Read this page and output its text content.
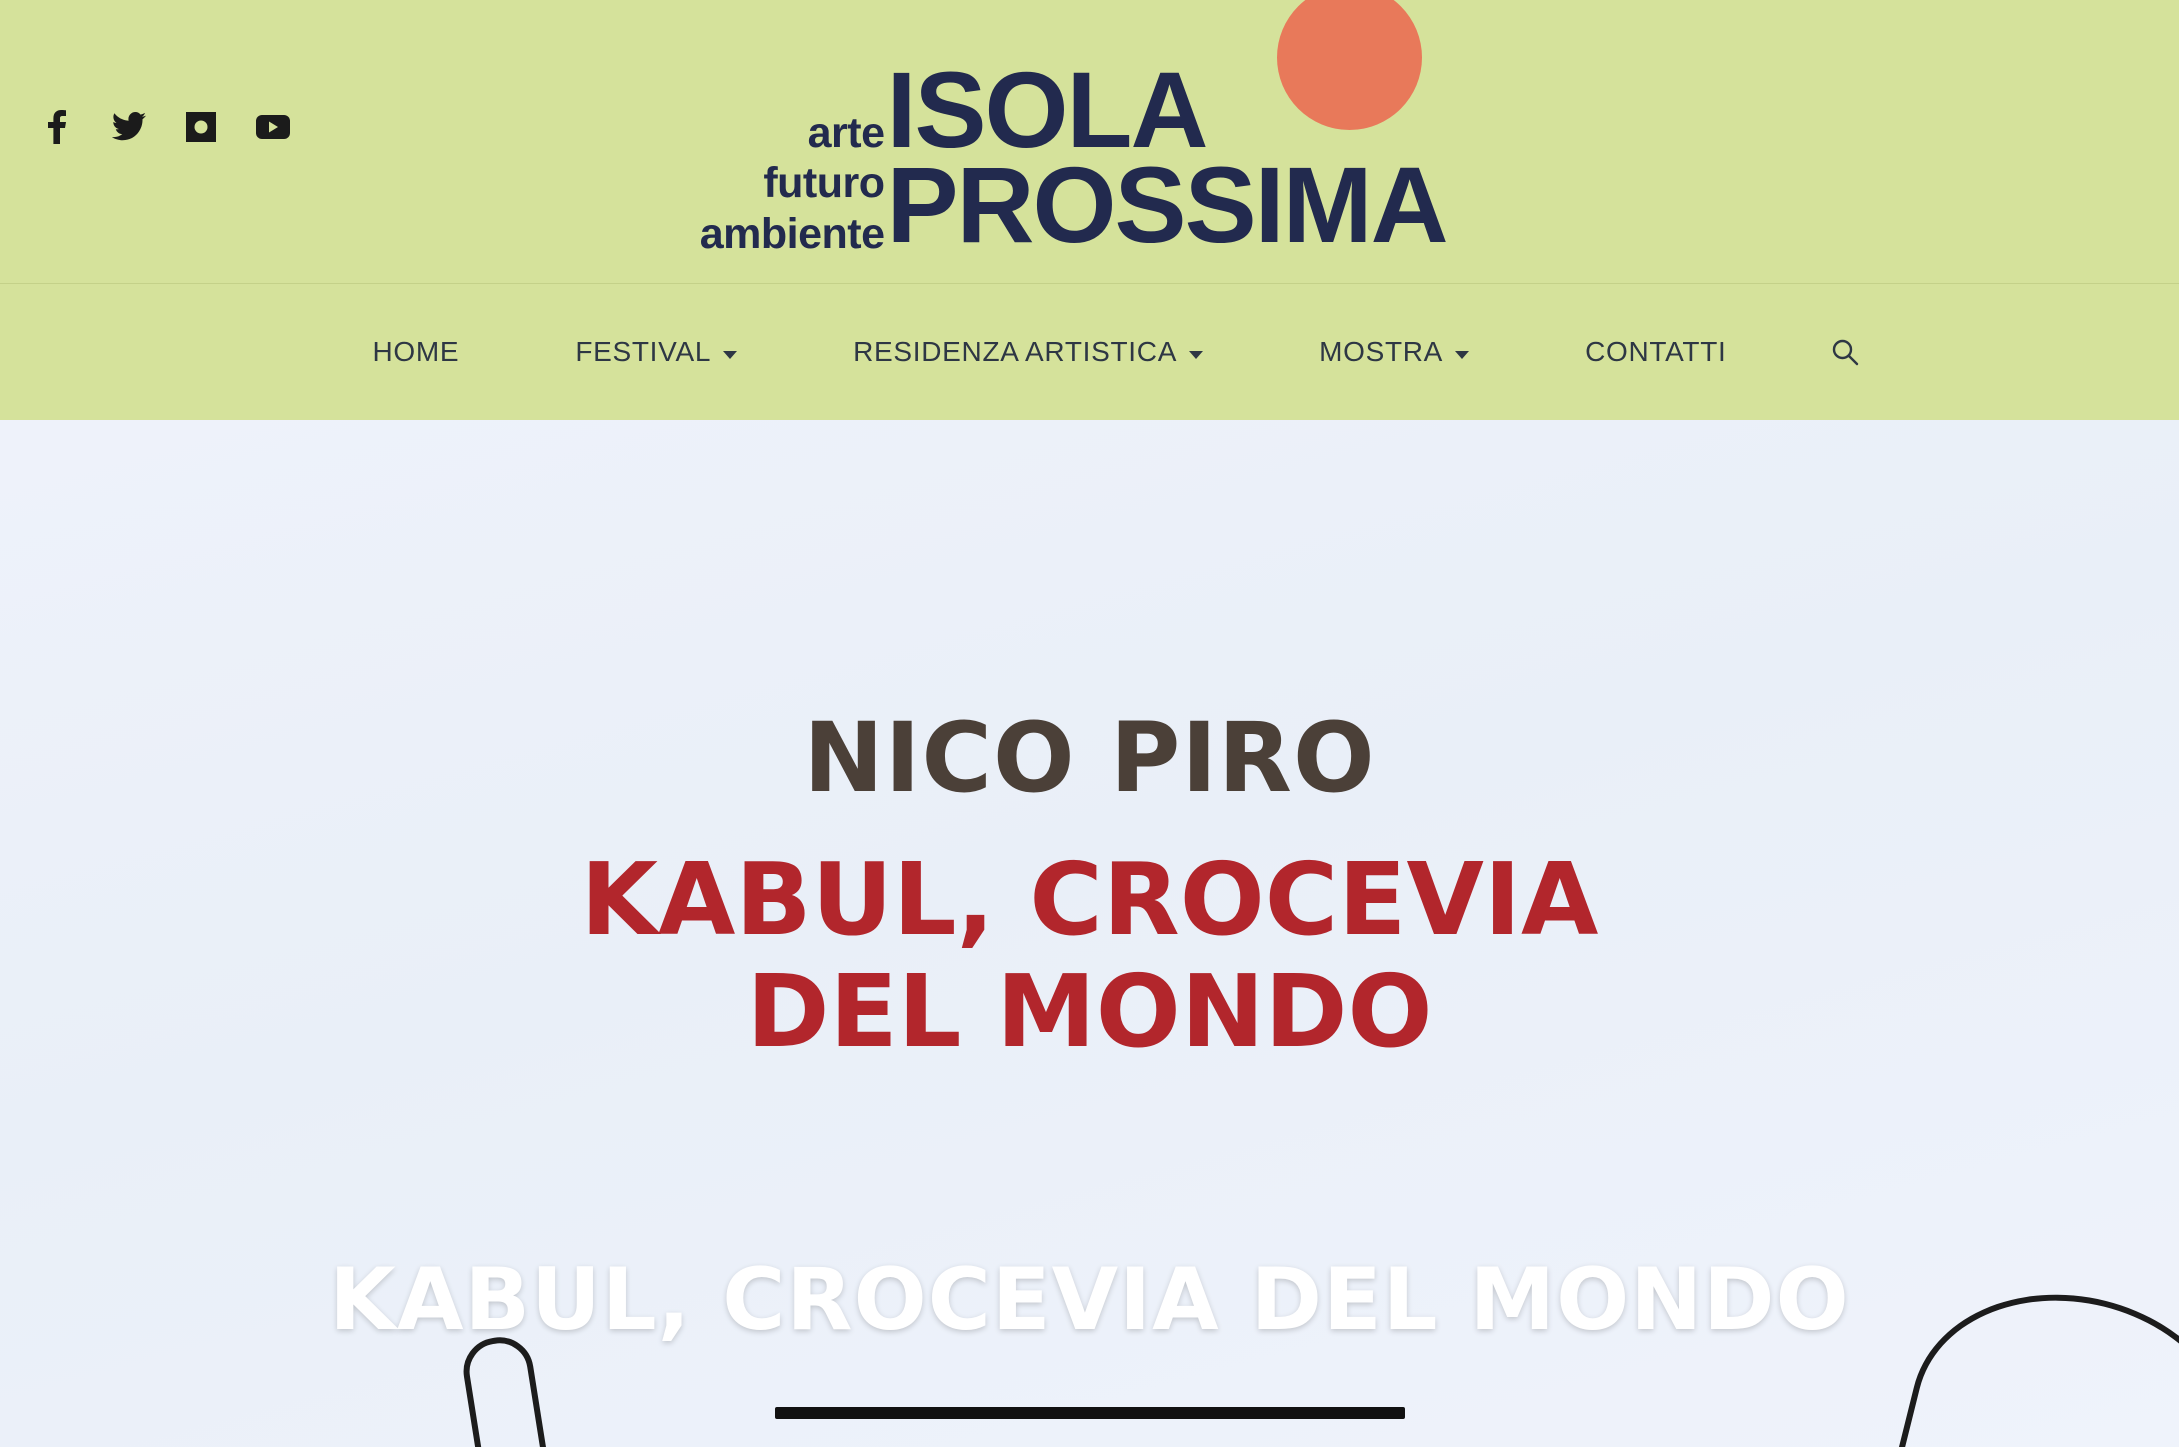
arte
futuro
ambiente
ISOLA
PROSSIMA
HOME	FESTIVAL	RESIDENZA ARTISTICA	MOSTRA	CONTATTI
NICO PIRO
KABUL, CROCEVIA
DEL MONDO
KABUL, CROCEVIA DEL MONDO
